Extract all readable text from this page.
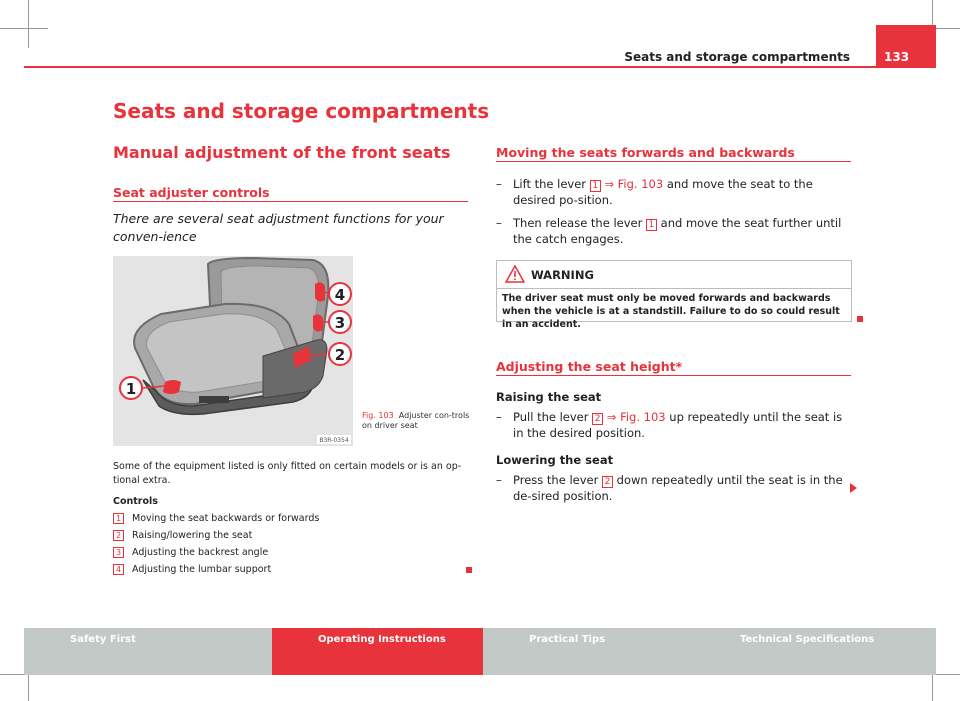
Seats and storage compartments	133
Seats and storage compartments
Manual adjustment of the front seats
Seat adjuster controls
There are several seat adjustment functions for your conven-ience
1
2
3
4
B3R-0354
Fig. 103 Adjuster con-trols on driver seat
Some of the equipment listed is only fitted on certain models or is an op-tional extra.
Controls
1 Moving the seat backwards or forwards
2 Raising/lowering the seat
3 Adjusting the backrest angle
4 Adjusting the lumbar support
Moving the seats forwards and backwards
– Lift the lever 1 ⇒ Fig. 103 and move the seat to the desired po-sition.
– Then release the lever 1 and move the seat further until the catch engages.
WARNING
The driver seat must only be moved forwards and backwards when the vehicle is at a standstill. Failure to do so could result in an accident.
Adjusting the seat height*
Raising the seat
– Pull the lever 2 ⇒ Fig. 103 up repeatedly until the seat is in the desired position.
Lowering the seat
– Press the lever 2 down repeatedly until the seat is in the de-sired position.
Safety First	Operating Instructions	Practical Tips	Technical Specifications
